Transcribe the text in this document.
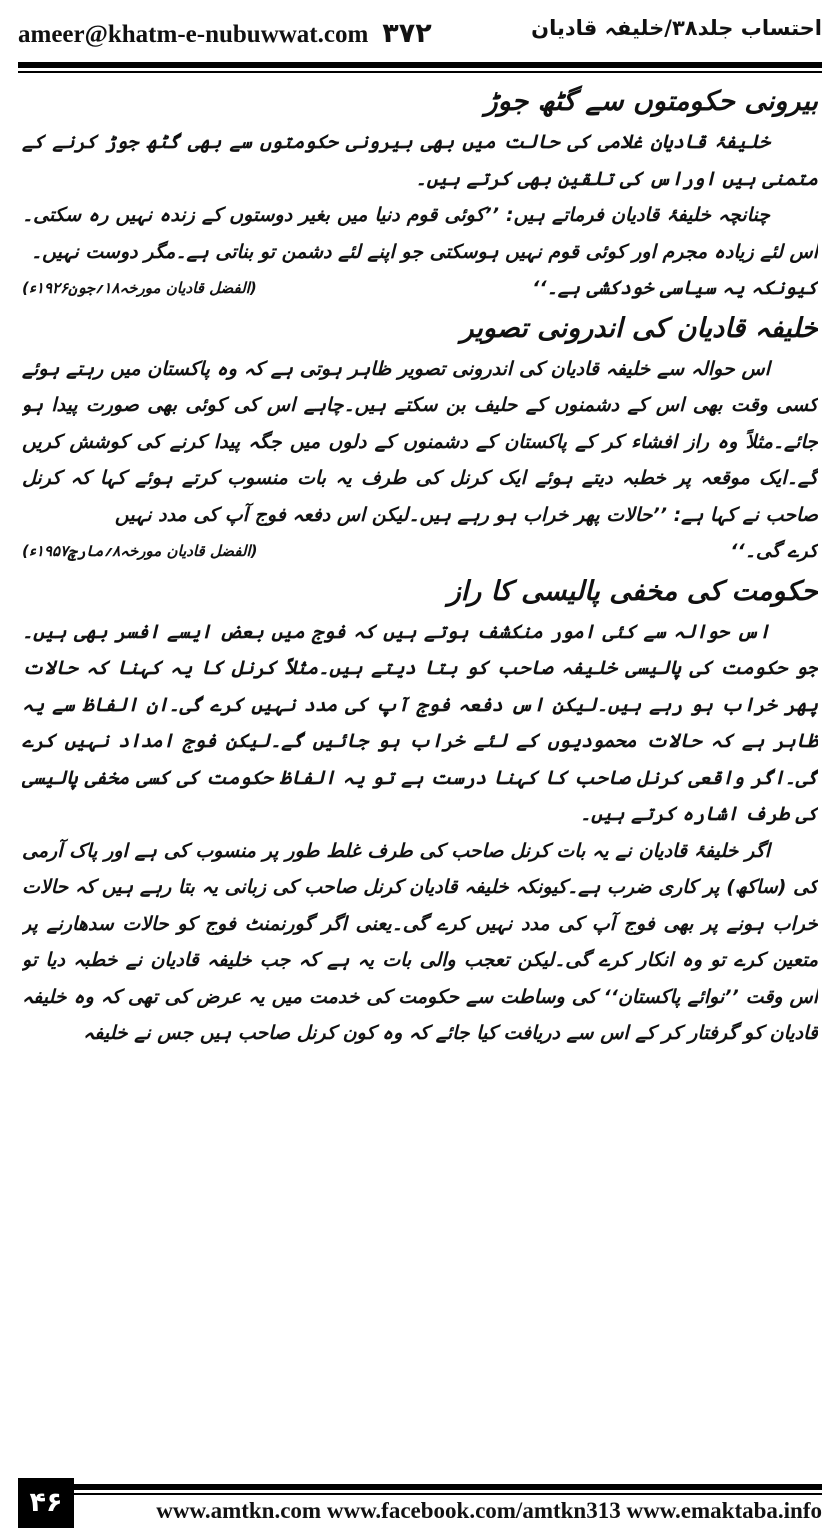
ameer@khatm-e-nubuwwat.com ۳۷۲	احتساب جلد۳۸/خلیفہ قادیان
بیرونی حکومتوں سے گٹھ جوڑ

خلیفۂ قادیان غلامی کی حالت میں بھی بیرونی حکومتوں سے بھی گٹھ جوڑ کرنے کے متمنی ہیں اوراس کی تلقین بھی کرتے ہیں۔

چنانچہ خلیفۂ قادیان فرماتے ہیں: ’’کوئی قوم دنیا میں بغیر دوستوں کے زندہ نہیں رہ سکتی۔اس لئے زیادہ مجرم اور کوئی قوم نہیں ہوسکتی جو اپنے لئے دشمن تو بناتی ہے۔مگر دوست نہیں۔

کیونکہ یہ سیاسی خودکشی ہے۔‘‘
(الفضل قادیان مورخہ۱۸؍جون۱۹۲۶ء)
خلیفہ قادیان کی اندرونی تصویر

اس حوالہ سے خلیفہ قادیان کی اندرونی تصویر ظاہر ہوتی ہے کہ وہ پاکستان میں رہتے ہوئے کسی وقت بھی اس کے دشمنوں کے حلیف بن سکتے ہیں۔چاہے اس کی کوئی بھی صورت پیدا ہو جائے۔مثلاً وہ راز افشاء کر کے پاکستان کے دشمنوں کے دلوں میں جگہ پیدا کرنے کی کوشش کریں گے۔ایک موقعہ پر خطبہ دیتے ہوئے ایک کرنل کی طرف یہ بات منسوب کرتے ہوئے کہا کہ کرنل صاحب نے کہا ہے: ’’حالات پھر خراب ہو رہے ہیں۔لیکن اس دفعہ فوج آپ کی مدد نہیں

کرے گی۔‘‘
(الفضل قادیان مورخہ۸؍مارچ۱۹۵۷ء)
حکومت کی مخفی پالیسی کا راز

اس حوالہ سے کئی امور منکشف ہوتے ہیں کہ فوج میں بعض ایسے افسر بھی ہیں۔جو حکومت کی پالیسی خلیفہ صاحب کو بتا دیتے ہیں۔مثلاً کرنل کا یہ کہنا کہ حالات پھر خراب ہو رہے ہیں۔لیکن اس دفعہ فوج آپ کی مدد نہیں کرے گی۔ان الفاظ سے یہ ظاہر ہے کہ حالات محمودیوں کے لئے خراب ہو جائیں گے۔لیکن فوج امداد نہیں کرے گی۔اگر واقعی کرنل صاحب کا کہنا درست ہے تو یہ الفاظ حکومت کی کسی مخفی پالیسی کی طرف اشارہ کرتے ہیں۔

اگر خلیفۂ قادیان نے یہ بات کرنل صاحب کی طرف غلط طور پر منسوب کی ہے اور پاک آرمی کی (ساکھ) پر کاری ضرب ہے۔کیونکہ خلیفہ قادیان کرنل صاحب کی زبانی یہ بتا رہے ہیں کہ حالات خراب ہونے پر بھی فوج آپ کی مدد نہیں کرے گی۔یعنی اگر گورنمنٹ فوج کو حالات سدھارنے پر متعین کرے تو وہ انکار کرے گی۔لیکن تعجب والی بات یہ ہے کہ جب خلیفہ قادیان نے خطبہ دیا تو اس وقت ’’نوائے پاکستان‘‘ کی وساطت سے حکومت کی خدمت میں یہ عرض کی تھی کہ وہ خلیفہ قادیان کو گرفتار کر کے اس سے دریافت کیا جائے کہ وہ کون کرنل صاحب ہیں جس نے خلیفہ

۴۶	www.amtkn.com www.facebook.com/amtkn313 www.emaktaba.info
